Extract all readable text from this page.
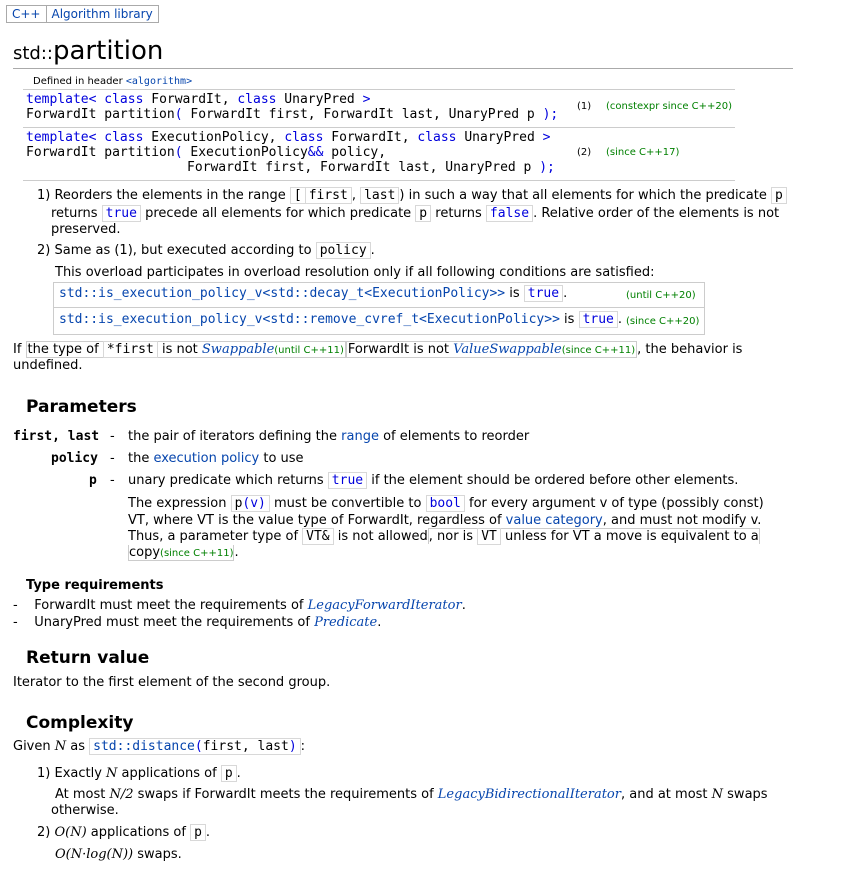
C++ Algorithm library
std::partition
Defined in header <algorithm>
template< class ForwardIt, class UnaryPred >
ForwardIt partition( ForwardIt first, ForwardIt last, UnaryPred p );
(1) (constexpr since C++20)
template< class ExecutionPolicy, class ForwardIt, class UnaryPred >
ForwardIt partition( ExecutionPolicy&& policy,
ForwardIt first, ForwardIt last, UnaryPred p );
(2) (since C++17)
1) Reorders the elements in the range [ first , last ) in such a way that all elements for which the predicate p
returns true precede all elements for which predicate p returns false . Relative order of the elements is not
preserved.
2) Same as (1), but executed according to policy .
This overload participates in overload resolution only if all following conditions are satisfied:
std::is_execution_policy_v<std::decay_t<ExecutionPolicy>> is true .	(until C++20)
std::is_execution_policy_v<std::remove_cvref_t<ExecutionPolicy>> is true . (since C++20)
If the type of *first is not Swappable(until C++11) ForwardIt is not ValueSwappable(since C++11) , the behavior is
undefined.
Parameters
first, last - the pair of iterators defining the range of elements to reorder
policy - the execution policy to use
p - unary predicate which returns true if the element should be ordered before other elements.
The expression p(v) must be convertible to bool for every argument v of type (possibly const)
VT, where VT is the value type of ForwardIt, regardless of value category, and must not modify v.
Thus, a parameter type of VT& is not allowed, nor is VT unless for VT a move is equivalent to a
copy(since C++11).
Type requirements
-    ForwardIt must meet the requirements of LegacyForwardIterator.
-    UnaryPred must meet the requirements of Predicate.
Return value
Iterator to the first element of the second group.
Complexity
Given N as std::distance(first, last) :
1) Exactly N applications of p .
At most N/2 swaps if ForwardIt meets the requirements of LegacyBidirectionalIterator, and at most N swaps
otherwise.
2) O(N) applications of p .
O(N·log(N)) swaps.
